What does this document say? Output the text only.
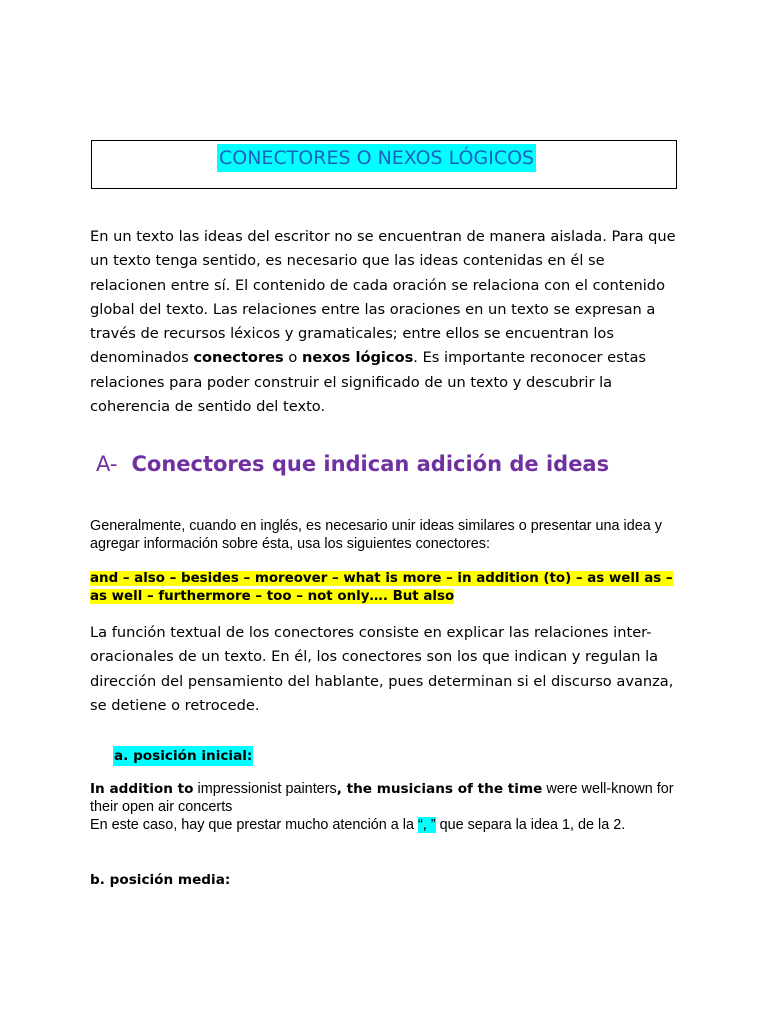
CONECTORES O NEXOS LÓGICOS

En un texto las ideas del escritor no se encuentran de manera aislada. Para que un texto tenga sentido, es necesario que las ideas contenidas en él se relacionen entre sí. El contenido de cada oración se relaciona con el contenido global del texto. Las relaciones entre las oraciones en un texto se expresan a través de recursos léxicos y gramaticales; entre ellos se encuentran los denominados conectores o nexos lógicos. Es importante reconocer estas relaciones para poder construir el significado de un texto y descubrir la coherencia de sentido del texto.

A- Conectores que indican adición de ideas

Generalmente, cuando en inglés, es necesario unir ideas similares o presentar una idea y agregar información sobre ésta, usa los siguientes conectores:

and – also – besides – moreover – what is more – in addition (to) – as well as – as well – furthermore – too – not only…. But also

La función textual de los conectores consiste en explicar las relaciones inter-oracionales de un texto. En él, los conectores son los que indican y regulan la dirección del pensamiento del hablante, pues determinan si el discurso avanza, se detiene o retrocede.

a. posición inicial:

In addition to impressionist painters, the musicians of the time were well-known for their open air concerts

En este caso, hay que prestar mucho atención a la “, ” que separa la idea 1, de la 2.

b. posición media:
